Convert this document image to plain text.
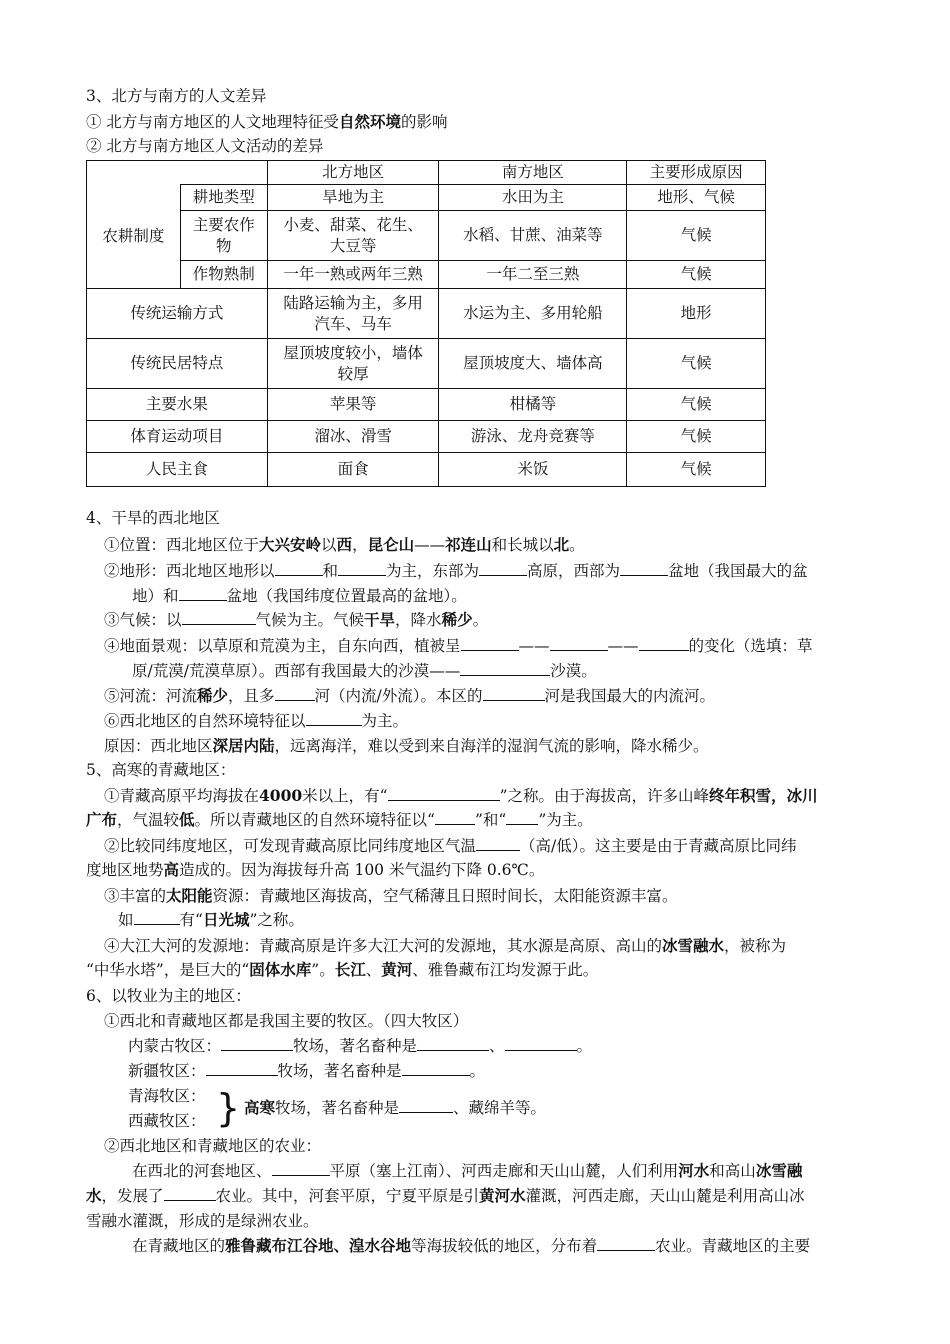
3、北方与南方的人文差异
① 北方与南方地区的人文地理特征受自然环境的影响
② 北方与南方地区人文活动的差异
		北方地区	南方地区	主要形成原因
农耕制度	耕地类型	旱地为主	水田为主	地形、气候
	主要农作
物	小麦、甜菜、花生、
大豆等	水稻、甘蔗、油菜等	气候
	作物熟制	一年一熟或两年三熟	一年二至三熟	气候
传统运输方式		陆路运输为主，多用
汽车、马车	水运为主、多用轮船	地形
传统民居特点		屋顶坡度较小，墙体
较厚	屋顶坡度大、墙体高	气候
主要水果		苹果等	柑橘等	气候
体育运动项目		溜冰、滑雪	游泳、龙舟竞赛等	气候
人民主食		面食	米饭	气候
4、干旱的西北地区
①位置：西北地区位于大兴安岭以西，昆仑山——祁连山和长城以北。
②地形：西北地区地形以	和	为主，东部为	高原，西部为	盆地（我国最大的盆
地）和	盆地（我国纬度位置最高的盆地）。
③气候：以	气候为主。气候干旱，降水稀少。
④地面景观：以草原和荒漠为主，自东向西，植被呈	——	——	的变化（选填：草
原/荒漠/荒漠草原）。西部有我国最大的沙漠——	沙漠。
⑤河流：河流稀少，且多	河（内流/外流）。本区的	河是我国最大的内流河。
⑥西北地区的自然环境特征以	为主。
原因：西北地区深居内陆，远离海洋，难以受到来自海洋的湿润气流的影响，降水稀少。
5、高寒的青藏地区：
①青藏高原平均海拔在4000米以上，有“	”之称。由于海拔高，许多山峰终年积雪，冰川
广布，气温较低。所以青藏地区的自然环境特征以“	”和“ ”为主。
②比较同纬度地区，可发现青藏高原比同纬度地区气温	（高/低）。这主要是由于青藏高原比同纬
度地区地势高造成的。因为海拔每升高 100 米气温约下降 0.6℃。
③丰富的太阳能资源：青藏地区海拔高，空气稀薄且日照时间长，太阳能资源丰富。
如	有“日光城”之称。
④大江大河的发源地：青藏高原是许多大江大河的发源地，其水源是高原、高山的冰雪融水，被称为
“中华水塔”，是巨大的“固体水库”。长江、黄河、雅鲁藏布江均发源于此。
6、以牧业为主的地区：
①西北和青藏地区都是我国主要的牧区。（四大牧区）
内蒙古牧区：	牧场，著名畜种是	、	。
新疆牧区：	牧场，著名畜种是	。
青海牧区：
西藏牧区： } 高寒牧场，著名畜种是	、藏绵羊等。
②西北地区和青藏地区的农业：
在西北的河套地区、	平原（塞上江南）、河西走廊和天山山麓，人们利用河水和高山冰雪融
水，发展了	农业。其中，河套平原，宁夏平原是引黄河水灌溉，河西走廊，天山山麓是利用高山冰
雪融水灌溉，形成的是绿洲农业。
在青藏地区的雅鲁藏布江谷地、湟水谷地等海拔较低的地区，分布着	农业。青藏地区的主要
